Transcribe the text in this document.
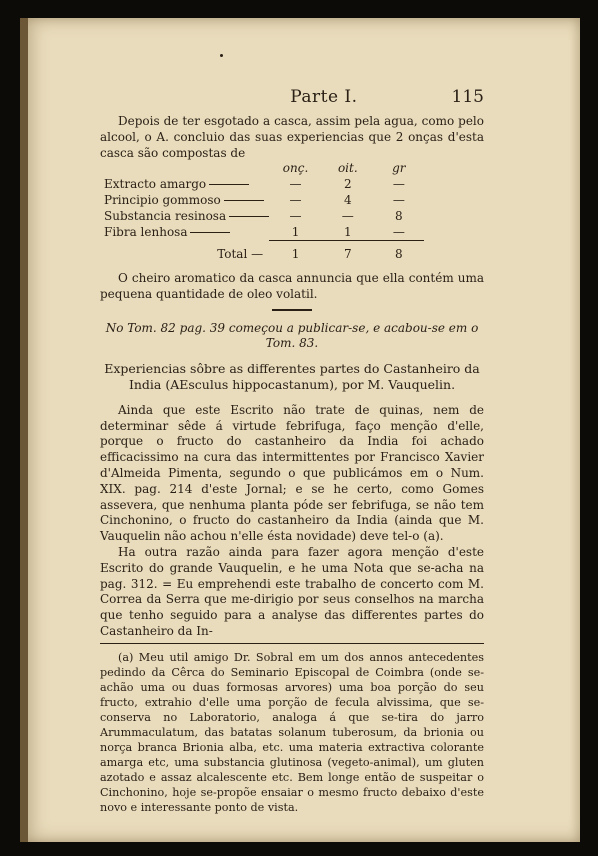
Parte I.	115

Depois de ter esgotado a casca, assim pela agua, como pelo alcool, o A. concluio das suas experiencias que 2 onças d'esta casca são compostas de

	onç.	oit.	gr
Extracto amargo	—	2	—
Principio gommoso	—	4	—
Substancia resinosa	—	—	8
Fibra lenhosa	1	1	—
Total —	1	7	8

O cheiro aromatico da casca annuncia que ella contém uma pequena quantidade de oleo volatil.

No Tom. 82 pag. 39 começou a publicar-se, e acabou-se em o Tom. 83.

Experiencias sôbre as differentes partes do Castanheiro da India (AEsculus hippocastanum), por M. Vauquelin.

Ainda que este Escrito não trate de quinas, nem de determinar sêde á virtude febrifuga, faço menção d'elle, porque o fructo do castanheiro da India foi achado efficacissimo na cura das intermittentes por Francisco Xavier d'Almeida Pimenta, segundo o que publicámos em o Num. XIX. pag. 214 d'este Jornal; e se he certo, como Gomes assevera, que nenhuma planta póde ser febrifuga, se não tem Cinchonino, o fructo do castanheiro da India (ainda que M. Vauquelin não achou n'elle ésta novidade) deve tel-o (a).

Ha outra razão ainda para fazer agora menção d'este Escrito do grande Vauquelin, e he uma Nota que se-acha na pag. 312. = Eu emprehendi este trabalho de concerto com M. Correa da Serra que me-dirigio por seus conselhos na marcha que tenho seguido para a analyse das differentes partes do Castanheiro da In-

(a) Meu util amigo Dr. Sobral em um dos annos antecedentes pedindo da Cêrca do Seminario Episcopal de Coimbra (onde se-achão uma ou duas formosas arvores) uma boa porção do seu fructo, extrahio d'elle uma porção de fecula alvissima, que se-conserva no Laboratorio, analoga á que se-tira do jarro Arummaculatum, das batatas solanum tuberosum, da brionia ou norça branca Brionia alba, etc. uma materia extractiva colorante amarga etc, uma substancia glutinosa (vegeto-animal), um gluten azotado e assaz alcalescente etc. Bem longe então de suspeitar o Cinchonino, hoje se-propõe ensaiar o mesmo fructo debaixo d'este novo e interessante ponto de vista.
